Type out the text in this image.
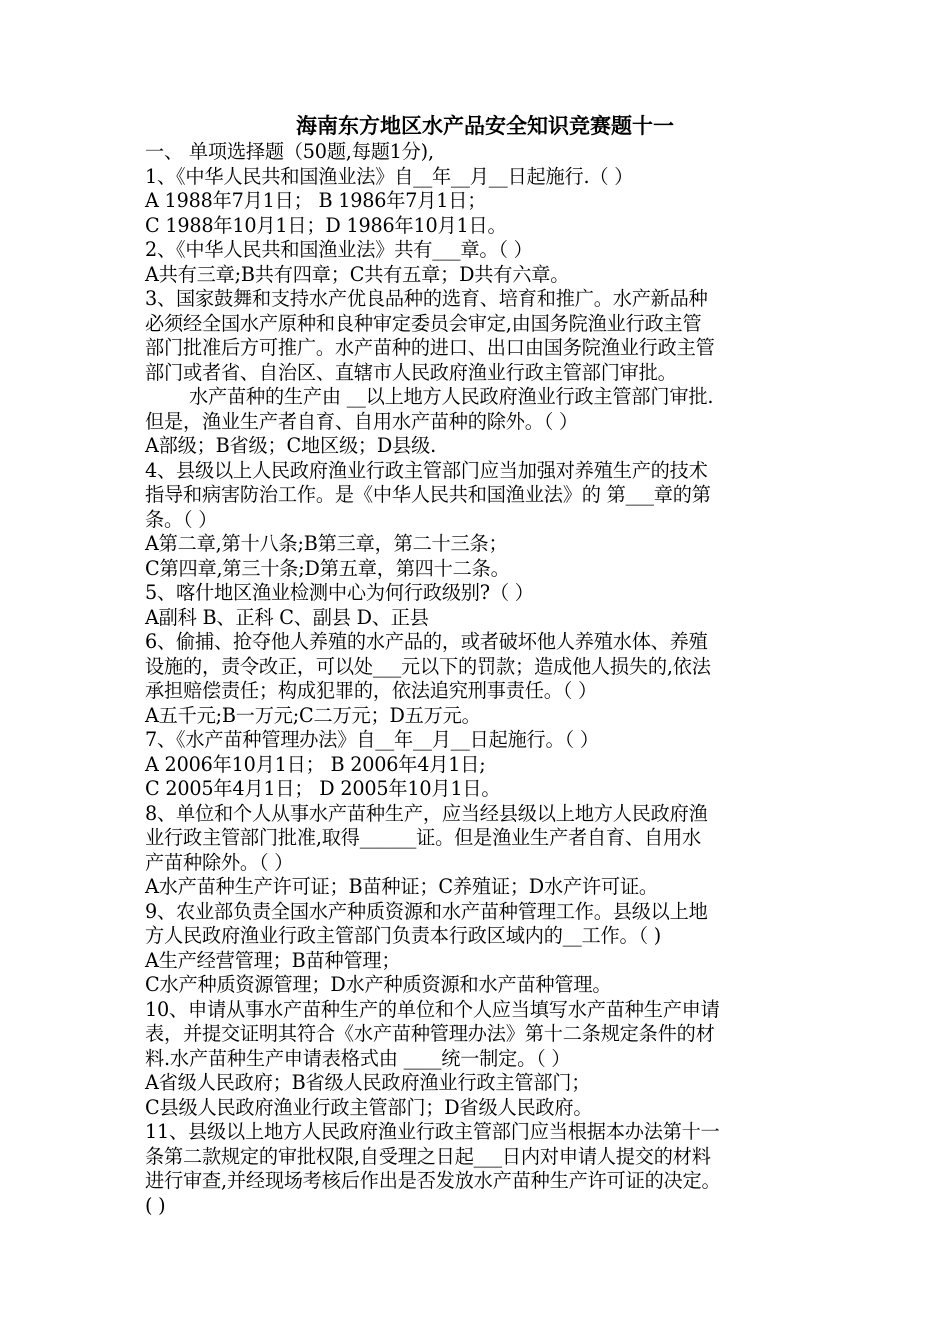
海南东方地区水产品安全知识竞赛题十一
一、 单项选择题（50题,每题1分),
1、《中华人民共和国渔业法》自__年__月__日起施行.（ ）
A 1988年7月1日； B 1986年7月1日；
C 1988年10月1日；D 1986年10月1日。
2、《中华人民共和国渔业法》共有___章。（ ）
A共有三章;B共有四章；C共有五章；D共有六章。
3、国家鼓舞和支持水产优良品种的选育、培育和推广。水产新品种
必须经全国水产原种和良种审定委员会审定,由国务院渔业行政主管
部门批准后方可推广。水产苗种的进口、出口由国务院渔业行政主管
部门或者省、自治区、直辖市人民政府渔业行政主管部门审批。
水产苗种的生产由 __以上地方人民政府渔业行政主管部门审批.
但是，渔业生产者自育、自用水产苗种的除外。（ ）
A部级；B省级；C地区级；D县级.
4、县级以上人民政府渔业行政主管部门应当加强对养殖生产的技术
指导和病害防治工作。是《中华人民共和国渔业法》的 第___章的第
条。（ ）
A第二章,第十八条;B第三章，第二十三条；
C第四章,第三十条;D第五章，第四十二条。
5、喀什地区渔业检测中心为何行政级别?（ ）
A副科 B、正科 C、副县 D、正县
6、偷捕、抢夺他人养殖的水产品的，或者破坏他人养殖水体、养殖
设施的，责令改正，可以处___元以下的罚款；造成他人损失的,依法
承担赔偿责任；构成犯罪的，依法追究刑事责任。（ ）
A五千元;B一万元;C二万元；D五万元。
7、《水产苗种管理办法》自__年__月__日起施行。（ ）
A 2006年10月1日； B 2006年4月1日;
C 2005年4月1日； D 2005年10月1日。
8、单位和个人从事水产苗种生产，应当经县级以上地方人民政府渔
业行政主管部门批准,取得______证。但是渔业生产者自育、自用水
产苗种除外。（ ）
A水产苗种生产许可证；B苗种证；C养殖证；D水产许可证。
9、农业部负责全国水产种质资源和水产苗种管理工作。县级以上地
方人民政府渔业行政主管部门负责本行政区域内的__工作。（ )
A生产经营管理；B苗种管理；
C水产种质资源管理；D水产种质资源和水产苗种管理。
10、申请从事水产苗种生产的单位和个人应当填写水产苗种生产申请
表，并提交证明其符合《水产苗种管理办法》第十二条规定条件的材
料.水产苗种生产申请表格式由 ____统一制定。（ ）
A省级人民政府；B省级人民政府渔业行政主管部门；
C县级人民政府渔业行政主管部门；D省级人民政府。
11、县级以上地方人民政府渔业行政主管部门应当根据本办法第十一
条第二款规定的审批权限,自受理之日起___日内对申请人提交的材料
进行审查,并经现场考核后作出是否发放水产苗种生产许可证的决定。
( )
